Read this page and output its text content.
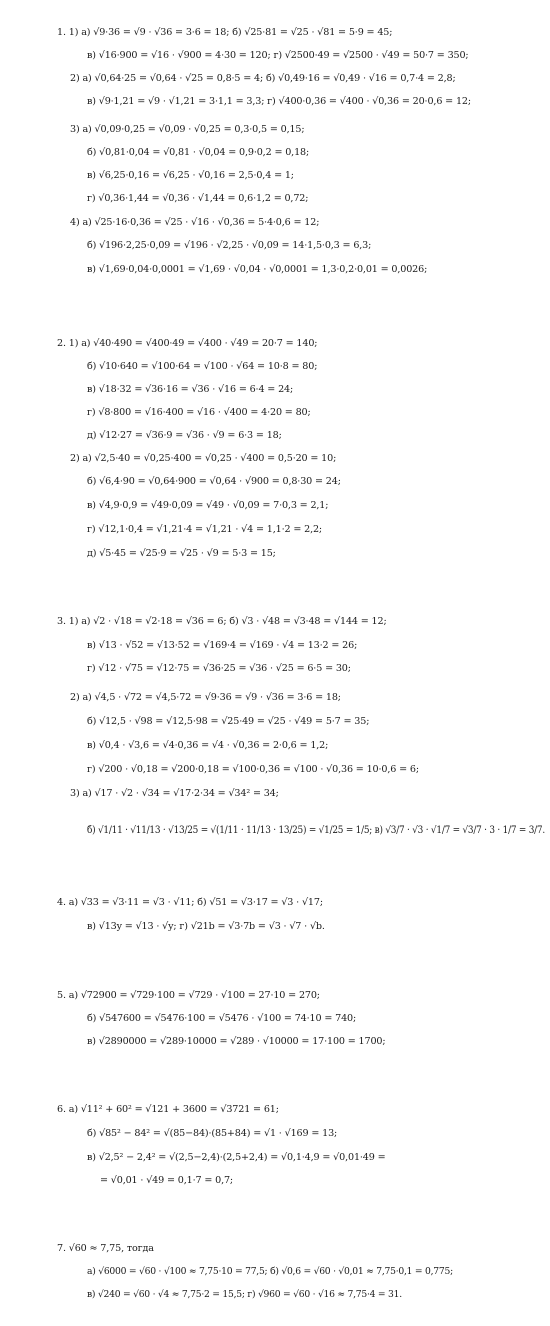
1. 1) а) √9·36 = √9 · √36 = 3·6 = 18; б) √25·81 = √25 · √81 = 5·9 = 45;
в) √16·900 = √16 · √900 = 4·30 = 120; г) √2500·49 = √2500 · √49 = 50·7 = 350;
2) а) √0,64·25 = √0,64 · √25 = 0,8·5 = 4; б) √0,49·16 = √0,49 · √16 = 0,7·4 = 2,8;
в) √9·1,21 = √9 · √1,21 = 3·1,1 = 3,3; г) √400·0,36 = √400 · √0,36 = 20·0,6 = 12;
3) а) √0,09·0,25 = √0,09 · √0,25 = 0,3·0,5 = 0,15;
б) √0,81·0,04 = √0,81 · √0,04 = 0,9·0,2 = 0,18;
в) √6,25·0,16 = √6,25 · √0,16 = 2,5·0,4 = 1;
г) √0,36·1,44 = √0,36 · √1,44 = 0,6·1,2 = 0,72;
4) а) √25·16·0,36 = √25 · √16 · √0,36 = 5·4·0,6 = 12;
б) √196·2,25·0,09 = √196 · √2,25 · √0,09 = 14·1,5·0,3 = 6,3;
в) √1,69·0,04·0,0001 = √1,69 · √0,04 · √0,0001 = 1,3·0,2·0,01 = 0,0026;
2. 1) а) √40·490 = √400·49 = √400 · √49 = 20·7 = 140;
б) √10·640 = √100·64 = √100 · √64 = 10·8 = 80;
в) √18·32 = √36·16 = √36 · √16 = 6·4 = 24;
г) √8·800 = √16·400 = √16 · √400 = 4·20 = 80;
д) √12·27 = √36·9 = √36 · √9 = 6·3 = 18;
2) а) √2,5·40 = √0,25·400 = √0,25 · √400 = 0,5·20 = 10;
б) √6,4·90 = √0,64·900 = √0,64 · √900 = 0,8·30 = 24;
в) √4,9·0,9 = √49·0,09 = √49 · √0,09 = 7·0,3 = 2,1;
г) √12,1·0,4 = √1,21·4 = √1,21 · √4 = 1,1·2 = 2,2;
д) √5·45 = √25·9 = √25 · √9 = 5·3 = 15;
3. 1) а) √2 · √18 = √2·18 = √36 = 6; б) √3 · √48 = √3·48 = √144 = 12;
в) √13 · √52 = √13·52 = √169·4 = √169 · √4 = 13·2 = 26;
г) √12 · √75 = √12·75 = √36·25 = √36 · √25 = 6·5 = 30;
2) а) √4,5 · √72 = √4,5·72 = √9·36 = √9 · √36 = 3·6 = 18;
б) √12,5 · √98 = √12,5·98 = √25·49 = √25 · √49 = 5·7 = 35;
в) √0,4 · √3,6 = √4·0,36 = √4 · √0,36 = 2·0,6 = 1,2;
г) √200 · √0,18 = √200·0,18 = √100·0,36 = √100 · √0,36 = 10·0,6 = 6;
3) а) √17 · √2 · √34 = √17·2·34 = √34² = 34;
б) √1/11 · √11/13 · √13/25 = √(1/11 · 11/13 · 13/25) = √1/25 = 1/5; в) √3/7 · √3 · √1/7 = √3/7 · 3 · 1/7 = 3/7.
4. а) √33 = √3·11 = √3 · √11; б) √51 = √3·17 = √3 · √17;
в) √13y = √13 · √y; г) √21b = √3·7b = √3 · √7 · √b.
5. а) √72900 = √729·100 = √729 · √100 = 27·10 = 270;
б) √547600 = √5476·100 = √5476 · √100 = 74·10 = 740;
в) √2890000 = √289·10000 = √289 · √10000 = 17·100 = 1700;
6. а) √11² + 60² = √121 + 3600 = √3721 = 61;
б) √85² − 84² = √(85−84)·(85+84) = √1 · √169 = 13;
в) √2,5² − 2,4² = √(2,5−2,4)·(2,5+2,4) = √0,1·4,9 = √0,01·49 =
= √0,01 · √49 = 0,1·7 = 0,7;
7. √60 ≈ 7,75, тогда
а) √6000 = √60 · √100 ≈ 7,75·10 = 77,5; б) √0,6 = √60 · √0,01 ≈ 7,75·0,1 = 0,775;
в) √240 = √60 · √4 ≈ 7,75·2 = 15,5; г) √960 = √60 · √16 ≈ 7,75·4 = 31.
